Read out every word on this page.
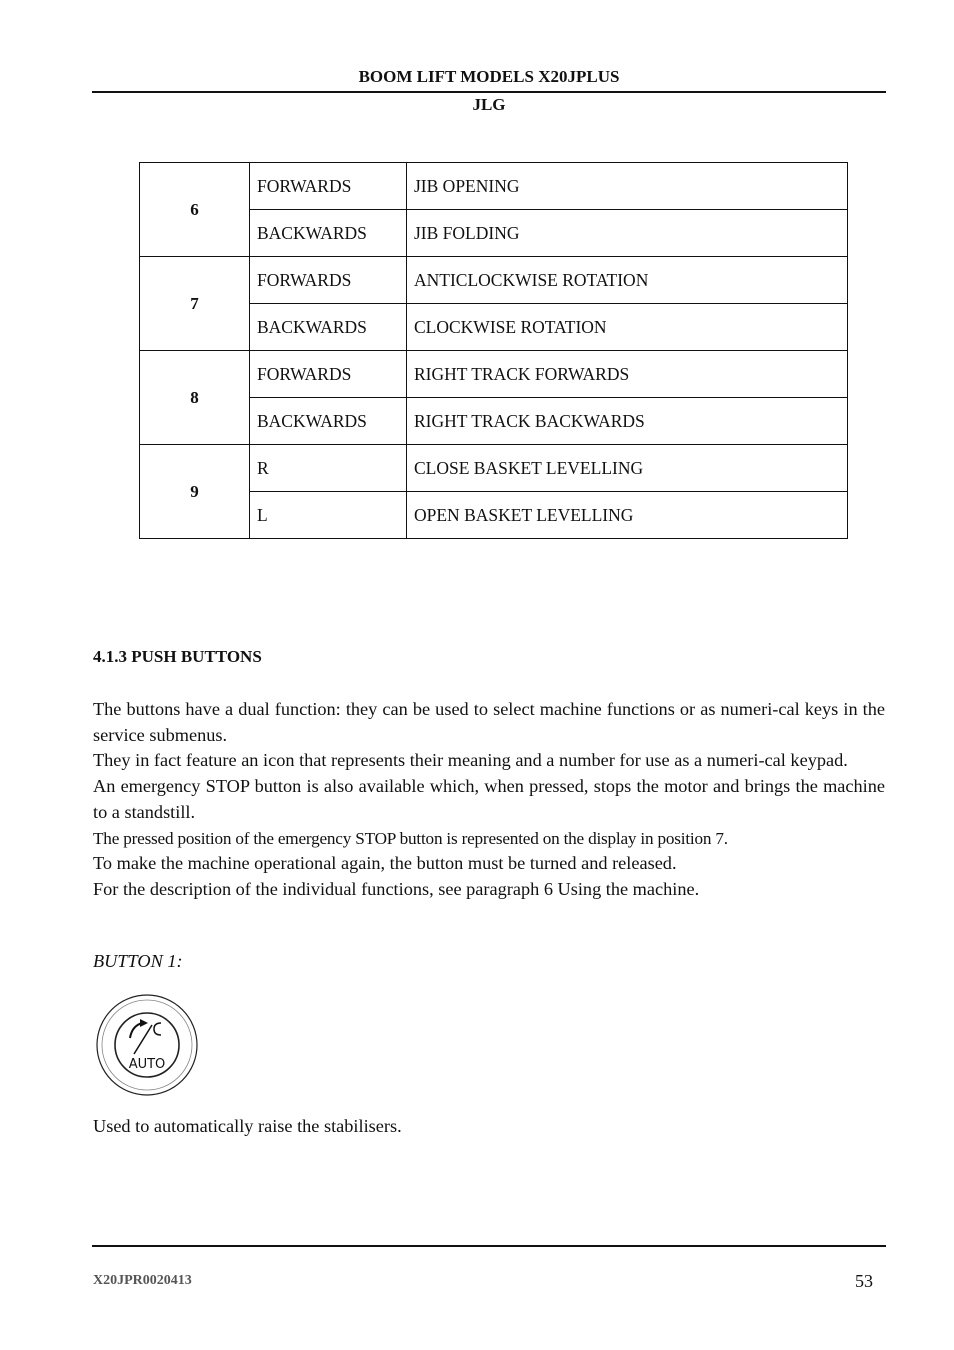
BOOM LIFT MODELS X20JPLUS
JLG
6	FORWARDS	JIB OPENING
	BACKWARDS	JIB FOLDING
7	FORWARDS	ANTICLOCKWISE ROTATION
	BACKWARDS	CLOCKWISE ROTATION
8	FORWARDS	RIGHT TRACK FORWARDS
	BACKWARDS	RIGHT TRACK BACKWARDS
9	R	CLOSE BASKET LEVELLING
	L	OPEN BASKET LEVELLING
4.1.3 PUSH BUTTONS

The buttons have a dual function: they can be used to select machine functions or as numeri-cal keys in the service submenus.

They in fact feature an icon that represents their meaning and a number for use as a numeri-cal keypad.

An emergency STOP button is also available which, when pressed, stops the motor and brings the machine to a standstill.

The pressed position of the emergency STOP button is represented on the display in position 7.

To make the machine operational again, the button must be turned and released.

For the description of the individual functions, see paragraph 6 Using the machine.

BUTTON 1:
AUTO
Used to automatically raise the stabilisers.
X20JPR0020413	53
